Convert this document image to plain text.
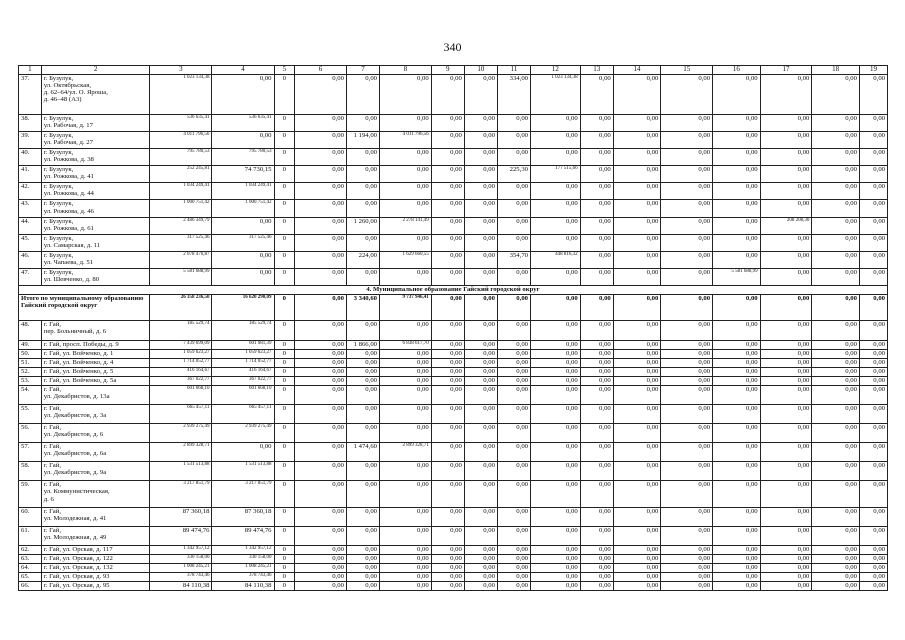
340
1	2	3	4	5	6	7	8	9	10	11	12	13	14	15	16	17	18	19
37.	г. Бузулук,
ул. Октябрьская,
д. 62–64/ул. О. Яроша,
д. 46–48 (А3)	1 023 134,38	0,00	0	0,00	0,00	0,00	0,00	0,00	334,00	1 023 134,38	0,00	0,00	0,00	0,00	0,00	0,00	0,00
38.	г. Бузулук,
ул. Рабочая, д. 17	536 635,41	536 635,41	0	0,00	0,00	0,00	0,00	0,00	0,00	0,00	0,00	0,00	0,00	0,00	0,00	0,00	0,00
39.	г. Бузулук,
ул. Рабочая, д. 27	4 011 796,56	0,00	0	0,00	1 194,00	4 011 796,56	0,00	0,00	0,00	0,00	0,00	0,00	0,00	0,00	0,00	0,00	0,00
40.	г. Бузулук,
ул. Рожкова, д. 38	795 780,53	795 780,53	0	0,00	0,00	0,00	0,00	0,00	0,00	0,00	0,00	0,00	0,00	0,00	0,00	0,00	0,00
41.	г. Бузулук,
ул. Рожкова, д. 41	252 245,81	74 730,15	0	0,00	0,00	0,00	0,00	0,00	225,30	177 515,66	0,00	0,00	0,00	0,00	0,00	0,00	0,00
42.	г. Бузулук,
ул. Рожкова, д. 44	1 034 249,41	1 034 249,41	0	0,00	0,00	0,00	0,00	0,00	0,00	0,00	0,00	0,00	0,00	0,00	0,00	0,00	0,00
43.	г. Бузулук,
ул. Рожкова, д. 46	1 000 751,42	1 000 751,42	0	0,00	0,00	0,00	0,00	0,00	0,00	0,00	0,00	0,00	0,00	0,00	0,00	0,00	0,00
44.	г. Бузулук,
ул. Рожкова, д. 61	2 486 349,79	0,00	0	0,00	1 260,00	2 278 141,49	0,00	0,00	0,00	0,00	0,00	0,00	0,00	0,00	208 208,30	0,00	0,00
45.	г. Бузулук,
ул. Самарская, д. 11	317 525,46	317 525,46	0	0,00	0,00	0,00	0,00	0,00	0,00	0,00	0,00	0,00	0,00	0,00	0,00	0,00	0,00
46.	г. Бузулук,
ул. Чапаева, д. 51	2 078 476,87	0,00	0	0,00	224,00	1 629 660,55	0,00	0,00	354,70	448 816,32	0,00	0,00	0,00	0,00	0,00	0,00	0,00
47.	г. Бузулук,
ул. Шевченко, д. 80	5 581 688,99	0,00	0	0,00	0,00	0,00	0,00	0,00	0,00	0,00	0,00	0,00	0,00	5 581 688,99	0,00	0,00	0,00
4. Муниципальное образование Гайский городской округ																		
Итого по муниципальному образованию Гайский городской округ		26 358 236,50	16 620 290,09	0	0,00	3 340,60	9 737 946,41	0,00	0,00	0,00	0,00	0,00	0,00	0,00	0,00	0,00	0,00	0,00
48.	г. Гай,
пер. Больничный, д. 6	185 529,74	185 529,74	0	0,00	0,00	0,00	0,00	0,00	0,00	0,00	0,00	0,00	0,00	0,00	0,00	0,00	0,00
49.	г. Гай, просп. Победы, д. 9	7 439 699,09	601 081,39	0	0,00	1 866,00	6 838 617,70	0,00	0,00	0,00	0,00	0,00	0,00	0,00	0,00	0,00	0,00	0,00
50.	г. Гай, ул. Войченко, д. 1	1 059 623,27	1 059 623,27	0	0,00	0,00	0,00	0,00	0,00	0,00	0,00	0,00	0,00	0,00	0,00	0,00	0,00	0,00
51.	г. Гай, ул. Войченко, д. 4	1 714 052,77	1 714 052,77	0	0,00	0,00	0,00	0,00	0,00	0,00	0,00	0,00	0,00	0,00	0,00	0,00	0,00	0,00
52.	г. Гай, ул. Войченко, д. 5	416 164,67	416 164,67	0	0,00	0,00	0,00	0,00	0,00	0,00	0,00	0,00	0,00	0,00	0,00	0,00	0,00	0,00
53.	г. Гай, ул. Войченко, д. 5а	367 022,77	367 022,77	0	0,00	0,00	0,00	0,00	0,00	0,00	0,00	0,00	0,00	0,00	0,00	0,00	0,00	0,00
54.	г. Гай,
ул. Декабристов, д. 13а	601 668,10	601 668,10	0	0,00	0,00	0,00	0,00	0,00	0,00	0,00	0,00	0,00	0,00	0,00	0,00	0,00	0,00
55.	г. Гай,
ул. Декабристов, д. 3а	665 457,11	665 457,11	0	0,00	0,00	0,00	0,00	0,00	0,00	0,00	0,00	0,00	0,00	0,00	0,00	0,00	0,00
56.	г. Гай,
ул. Декабристов, д. 6	2 939 275,49	2 939 275,49	0	0,00	0,00	0,00	0,00	0,00	0,00	0,00	0,00	0,00	0,00	0,00	0,00	0,00	0,00
57.	г. Гай,
ул. Декабристов, д. 6а	2 899 328,71	0,00	0	0,00	1 474,60	2 899 328,71	0,00	0,00	0,00	0,00	0,00	0,00	0,00	0,00	0,00	0,00	0,00
58.	г. Гай,
ул. Декабристов, д. 9а	1 531 513,88	1 531 513,88	0	0,00	0,00	0,00	0,00	0,00	0,00	0,00	0,00	0,00	0,00	0,00	0,00	0,00	0,00
59.	г. Гай,
ул. Коммунистическая,
д. 6	3 217 851,79	3 217 851,79	0	0,00	0,00	0,00	0,00	0,00	0,00	0,00	0,00	0,00	0,00	0,00	0,00	0,00	0,00
60.	г. Гай,
ул. Молодежная, д. 41	87 360,18	87 360,18	0	0,00	0,00	0,00	0,00	0,00	0,00	0,00	0,00	0,00	0,00	0,00	0,00	0,00	0,00
61.	г. Гай,
ул. Молодежная, д. 49	89 474,76	89 474,76	0	0,00	0,00	0,00	0,00	0,00	0,00	0,00	0,00	0,00	0,00	0,00	0,00	0,00	0,00
62.	г. Гай, ул. Орская, д. 117	1 342 957,12	1 342 957,12	0	0,00	0,00	0,00	0,00	0,00	0,00	0,00	0,00	0,00	0,00	0,00	0,00	0,00	0,00
63.	г. Гай, ул. Орская, д. 122	330 158,00	330 158,00	0	0,00	0,00	0,00	0,00	0,00	0,00	0,00	0,00	0,00	0,00	0,00	0,00	0,00	0,00
64.	г. Гай, ул. Орская, д. 132	1 008 245,21	1 008 245,21	0	0,00	0,00	0,00	0,00	0,00	0,00	0,00	0,00	0,00	0,00	0,00	0,00	0,00	0,00
65.	г. Гай, ул. Орская, д. 93	378 743,46	378 743,46	0	0,00	0,00	0,00	0,00	0,00	0,00	0,00	0,00	0,00	0,00	0,00	0,00	0,00	0,00
66.	г. Гай, ул. Орская, д. 95	84 110,38	84 110,38	0	0,00	0,00	0,00	0,00	0,00	0,00	0,00	0,00	0,00	0,00	0,00	0,00	0,00	0,00
